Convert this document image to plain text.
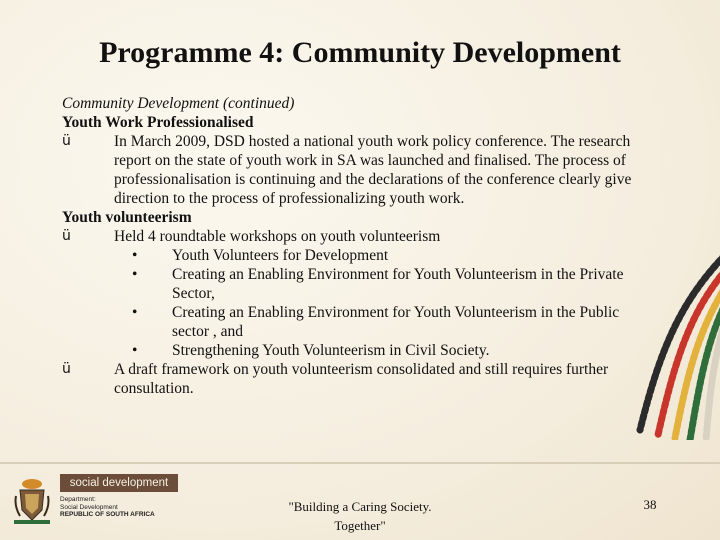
Programme 4: Community Development
Community Development (continued)
Youth Work Professionalised
ü	In March 2009, DSD hosted a national youth work policy conference. The research report on the state of youth work in SA was launched and finalised. The process of professionalisation is continuing and the declarations of the conference clearly give direction to the process of professionalizing youth work.
Youth volunteerism
ü	Held 4 roundtable workshops on youth volunteerism
• Youth Volunteers for Development
• Creating an Enabling Environment for Youth Volunteerism in the Private Sector,
• Creating an Enabling Environment for Youth Volunteerism in the Public sector , and
• Strengthening Youth Volunteerism in Civil Society.
ü	A draft framework on youth volunteerism consolidated and still requires further consultation.
social development
Department:
Social Development
REPUBLIC OF SOUTH AFRICA
"Building a Caring Society.
Together"
38
